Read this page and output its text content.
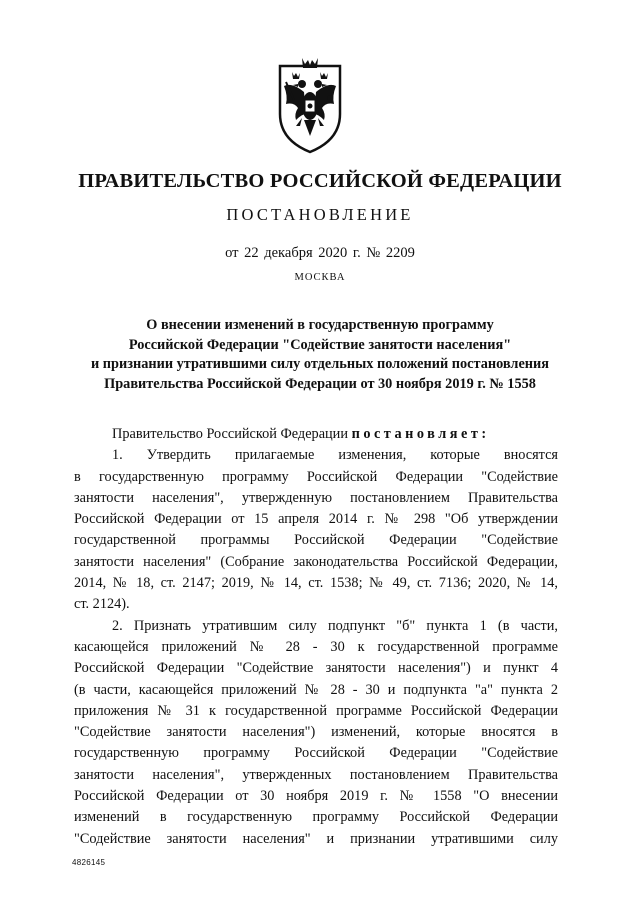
ПРАВИТЕЛЬСТВО РОССИЙСКОЙ ФЕДЕРАЦИИ
ПОСТАНОВЛЕНИЕ
от 22 декабря 2020 г. № 2209
МОСКВА
О внесении изменений в государственную программу
Российской Федерации "Содействие занятости населения"
и признании утратившими силу отдельных положений постановления
Правительства Российской Федерации от 30 ноября 2019 г. № 1558
Правительство Российской Федерации постановляет:
1. Утвердить прилагаемые изменения, которые вносятся
в государственную программу Российской Федерации "Содействие
занятости населения", утвержденную постановлением Правительства
Российской Федерации от 15 апреля 2014 г. № 298 "Об утверждении
государственной программы Российской Федерации "Содействие
занятости населения" (Собрание законодательства Российской Федерации,
2014, № 18, ст. 2147; 2019, № 14, ст. 1538; № 49, ст. 7136; 2020, № 14,
ст. 2124).
2. Признать утратившим силу подпункт "б" пункта 1 (в части,
касающейся приложений № 28 - 30 к государственной программе
Российской Федерации "Содействие занятости населения") и пункт 4
(в части, касающейся приложений № 28 - 30 и подпункта "а" пункта 2
приложения № 31 к государственной программе Российской Федерации
"Содействие занятости населения") изменений, которые вносятся в
государственную программу Российской Федерации "Содействие
занятости населения", утвержденных постановлением Правительства
Российской Федерации от 30 ноября 2019 г. № 1558 "О внесении
изменений в государственную программу Российской Федерации
"Содействие занятости населения" и признании утратившими силу
4826145
